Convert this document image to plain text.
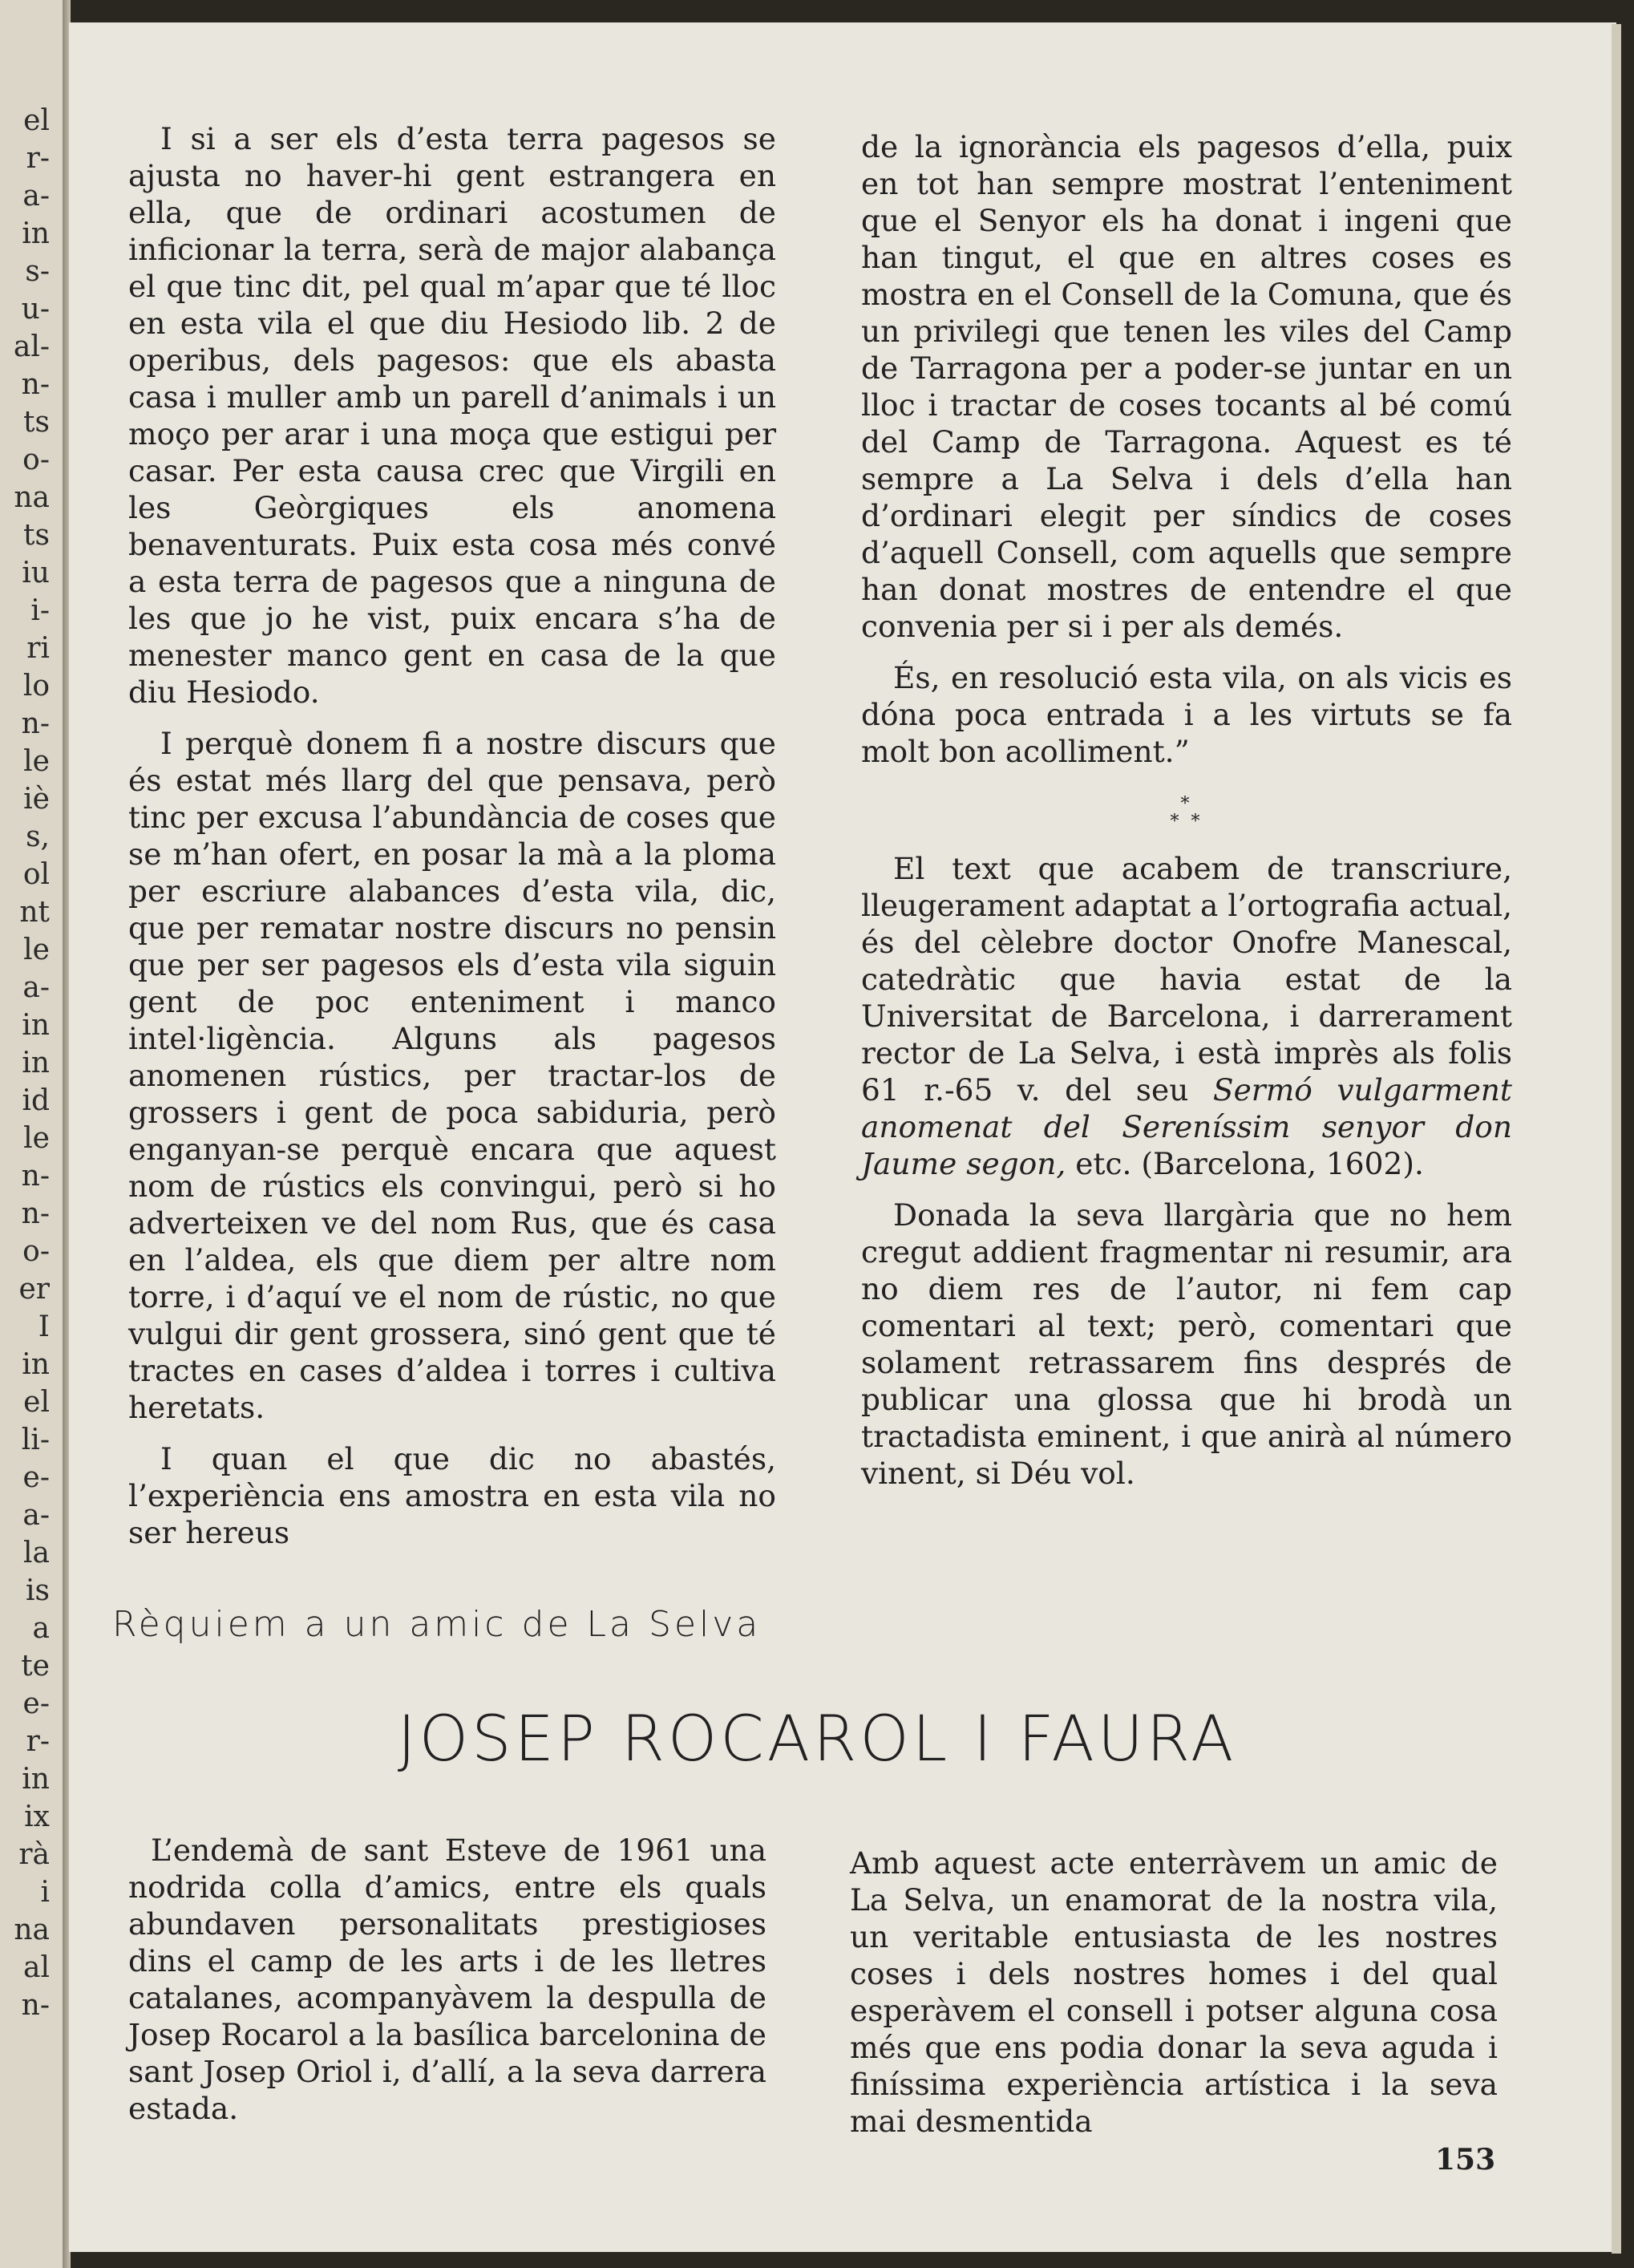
el
r-
a-
in
s-
u-
al-
n-
ts
o-
na
ts
iu
i-
ri
lo
n-
le
iè
s,
ol
nt
le
a-
in
in
id
le
n-
n-
o-
er
I
in
el
li-
e-
a-
la
is
a
te
e-
r-
in
ix
rà
i
na
al
n-

I si a ser els d’esta terra pagesos se ajusta no haver-hi gent estrangera en ella, que de ordinari acostumen de inficionar la terra, serà de major alabança el que tinc dit, pel qual m’apar que té lloc en esta vila el que diu Hesiodo lib. 2 de operibus, dels pagesos: que els abasta casa i muller amb un parell d’animals i un moço per arar i una moça que estigui per casar. Per esta causa crec que Virgili en les Geòrgiques els anomena benaventurats. Puix esta cosa més convé a esta terra de pagesos que a ninguna de les que jo he vist, puix encara s’ha de menester manco gent en casa de la que diu Hesiodo.

I perquè donem fi a nostre discurs que és estat més llarg del que pensava, però tinc per excusa l’abundància de coses que se m’han ofert, en posar la mà a la ploma per escriure alabances d’esta vila, dic, que per rematar nostre discurs no pensin que per ser pagesos els d’esta vila siguin gent de poc enteniment i manco intel·ligència. Alguns als pagesos anomenen rústics, per tractar-los de grossers i gent de poca sabiduria, però enganyan-se perquè encara que aquest nom de rústics els convingui, però si ho adverteixen ve del nom Rus, que és casa en l’aldea, els que diem per altre nom torre, i d’aquí ve el nom de rústic, no que vulgui dir gent grossera, sinó gent que té tractes en cases d’aldea i torres i cultiva heretats.

I quan el que dic no abastés, l’experiència ens amostra en esta vila no ser hereus

de la ignorància els pagesos d’ella, puix en tot han sempre mostrat l’enteniment que el Senyor els ha donat i ingeni que han tingut, el que en altres coses es mostra en el Consell de la Comuna, que és un privilegi que tenen les viles del Camp de Tarragona per a poder-se juntar en un lloc i tractar de coses tocants al bé comú del Camp de Tarragona. Aquest es té sempre a La Selva i dels d’ella han d’ordinari elegit per síndics de coses d’aquell Consell, com aquells que sempre han donat mostres de entendre el que convenia per si i per als demés.

És, en resolució esta vila, on als vicis es dóna poca entrada i a les virtuts se fa molt bon acolliment.”

*
* *

El text que acabem de transcriure, lleugerament adaptat a l’ortografia actual, és del cèlebre doctor Onofre Manescal, catedràtic que havia estat de la Universitat de Barcelona, i darrerament rector de La Selva, i està imprès als folis 61 r.-65 v. del seu Sermó vulgarment anomenat del Sereníssim senyor don Jaume segon, etc. (Barcelona, 1602).

Donada la seva llargària que no hem cregut addient fragmentar ni resumir, ara no diem res de l’autor, ni fem cap comentari al text; però, comentari que solament retrassarem fins després de publicar una glossa que hi brodà un tractadista eminent, i que anirà al número vinent, si Déu vol.

Rèquiem a un amic de La Selva
JOSEP ROCAROL I FAURA

L’endemà de sant Esteve de 1961 una nodrida colla d’amics, entre els quals abundaven personalitats prestigioses dins el camp de les arts i de les lletres catalanes, acompanyàvem la despulla de Josep Rocarol a la basílica barcelonina de sant Josep Oriol i, d’allí, a la seva darrera estada.

Amb aquest acte enterràvem un amic de La Selva, un enamorat de la nostra vila, un veritable entusiasta de les nostres coses i dels nostres homes i del qual esperàvem el consell i potser alguna cosa més que ens podia donar la seva aguda i finíssima experiència artística i la seva mai desmentida

153
